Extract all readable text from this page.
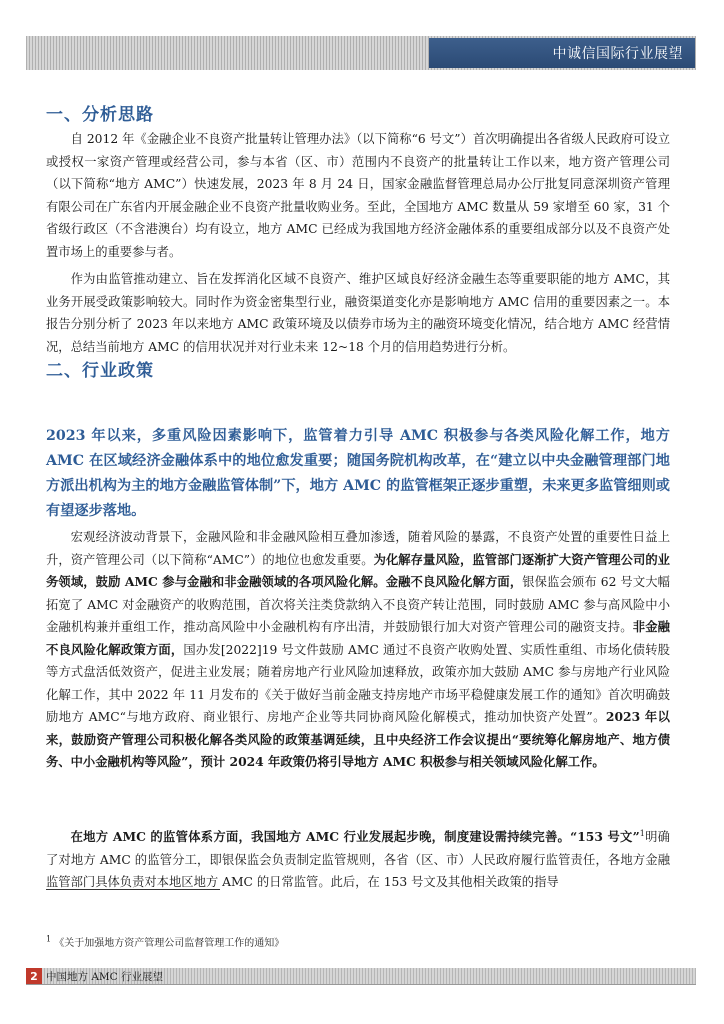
中诚信国际行业展望
一、分析思路

自 2012 年《金融企业不良资产批量转让管理办法》（以下简称“6 号文”）首次明确提出各省级人民政府可设立或授权一家资产管理或经营公司，参与本省（区、市）范围内不良资产的批量转让工作以来，地方资产管理公司（以下简称“地方 AMC”）快速发展，2023 年 8 月 24 日，国家金融监督管理总局办公厅批复同意深圳资产管理有限公司在广东省内开展金融企业不良资产批量收购业务。至此，全国地方 AMC 数量从 59 家增至 60 家，31 个省级行政区（不含港澳台）均有设立，地方 AMC 已经成为我国地方经济金融体系的重要组成部分以及不良资产处置市场上的重要参与者。

作为由监管推动建立、旨在发挥消化区域不良资产、维护区域良好经济金融生态等重要职能的地方 AMC，其业务开展受政策影响较大。同时作为资金密集型行业，融资渠道变化亦是影响地方 AMC 信用的重要因素之一。本报告分别分析了 2023 年以来地方 AMC 政策环境及以债券市场为主的融资环境变化情况，结合地方 AMC 经营情况，总结当前地方 AMC 的信用状况并对行业未来 12~18 个月的信用趋势进行分析。

二、行业政策

2023 年以来，多重风险因素影响下，监管着力引导 AMC 积极参与各类风险化解工作，地方 AMC 在区域经济金融体系中的地位愈发重要；随国务院机构改革，在“建立以中央金融管理部门地方派出机构为主的地方金融监管体制”下，地方 AMC 的监管框架正逐步重塑，未来更多监管细则或有望逐步落地。

宏观经济波动背景下，金融风险和非金融风险相互叠加渗透，随着风险的暴露，不良资产处置的重要性日益上升，资产管理公司（以下简称“AMC”）的地位也愈发重要。为化解存量风险，监管部门逐渐扩大资产管理公司的业务领域，鼓励 AMC 参与金融和非金融领域的各项风险化解。金融不良风险化解方面，银保监会颁布 62 号文大幅拓宽了 AMC 对金融资产的收购范围，首次将关注类贷款纳入不良资产转让范围，同时鼓励 AMC 参与高风险中小金融机构兼并重组工作，推动高风险中小金融机构有序出清，并鼓励银行加大对资产管理公司的融资支持。非金融不良风险化解政策方面，国办发[2022]19 号文件鼓励 AMC 通过不良资产收购处置、实质性重组、市场化债转股等方式盘活低效资产，促进主业发展；随着房地产行业风险加速释放，政策亦加大鼓励 AMC 参与房地产行业风险化解工作，其中 2022 年 11 月发布的《关于做好当前金融支持房地产市场平稳健康发展工作的通知》首次明确鼓励地方 AMC“与地方政府、商业银行、房地产企业等共同协商风险化解模式，推动加快资产处置”。2023 年以来，鼓励资产管理公司积极化解各类风险的政策基调延续，且中央经济工作会议提出“要统筹化解房地产、地方债务、中小金融机构等风险”，预计 2024 年政策仍将引导地方 AMC 积极参与相关领域风险化解工作。

在地方 AMC 的监管体系方面，我国地方 AMC 行业发展起步晚，制度建设需持续完善。“153 号文”$^1$明确了对地方 AMC 的监管分工，即银保监会负责制定监管规则，各省（区、市）人民政府履行监管责任，各地方金融监管部门具体负责对本地区地方 AMC 的日常监管。此后，在 153 号文及其他相关政策的指导

$^1$ 《关于加强地方资产管理公司监督管理工作的通知》
2 中国地方 AMC 行业展望
